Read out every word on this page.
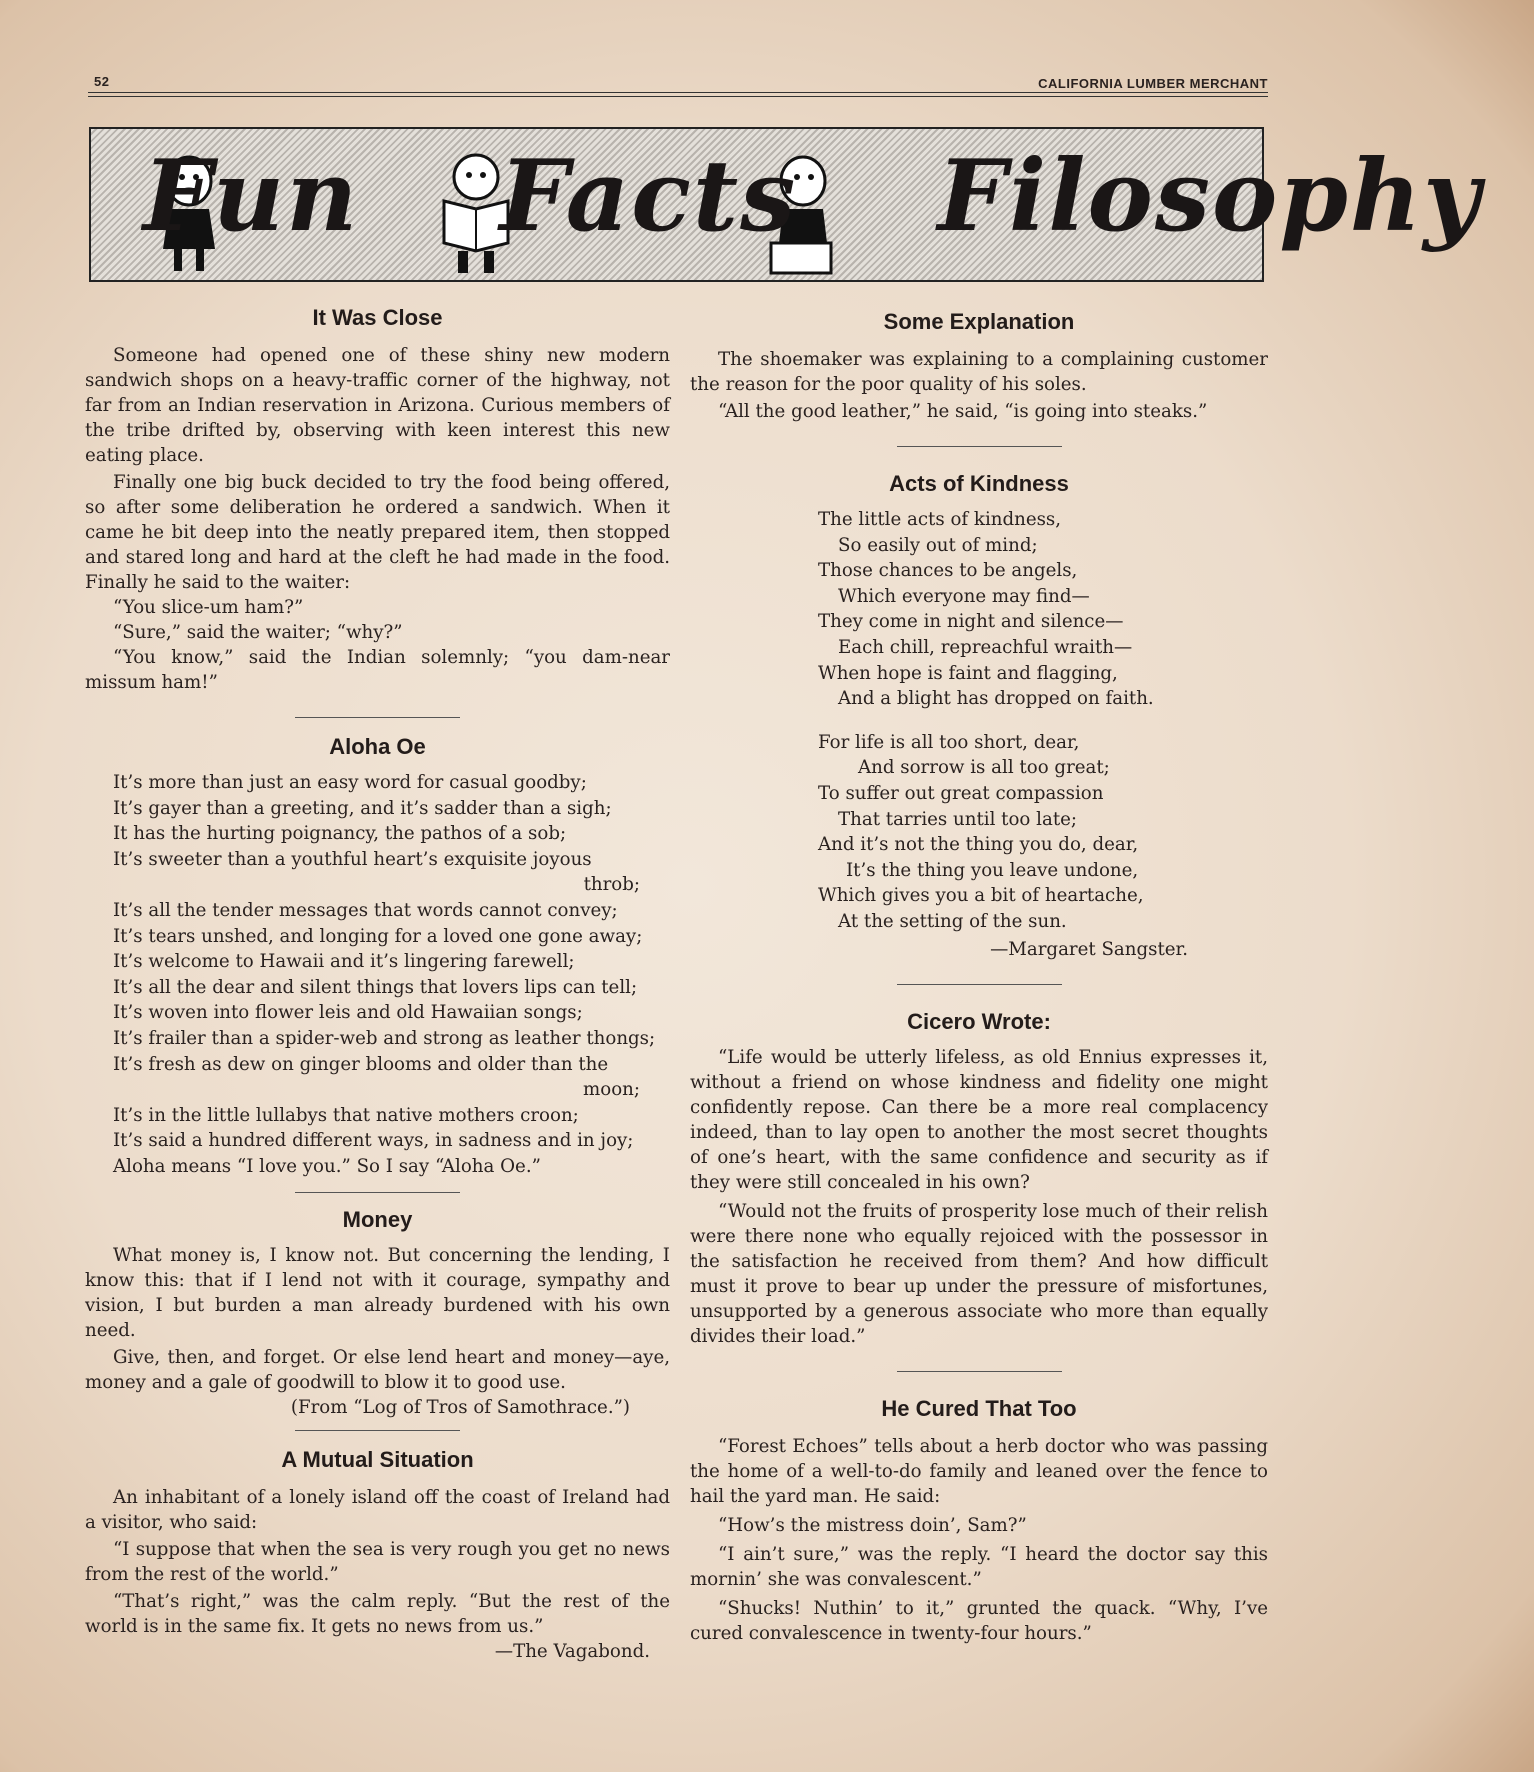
52	CALIFORNIA LUMBER MERCHANT
Fun Facts Filosophy
It Was Close

Someone had opened one of these shiny new modern sandwich shops on a heavy-traffic corner of the highway, not far from an Indian reservation in Arizona. Curious members of the tribe drifted by, observing with keen interest this new eating place.

Finally one big buck decided to try the food being offered, so after some deliberation he ordered a sandwich. When it came he bit deep into the neatly prepared item, then stopped and stared long and hard at the cleft he had made in the food. Finally he said to the waiter:

“You slice-um ham?”

“Sure,” said the waiter; “why?”

“You know,” said the Indian solemnly; “you dam-near missum ham!”

Aloha Oe
It’s more than just an easy word for casual goodby;
It’s gayer than a greeting, and it’s sadder than a sigh;
It has the hurting poignancy, the pathos of a sob;
It’s sweeter than a youthful heart’s exquisite joyous
throb;
It’s all the tender messages that words cannot convey;
It’s tears unshed, and longing for a loved one gone away;
It’s welcome to Hawaii and it’s lingering farewell;
It’s all the dear and silent things that lovers lips can tell;
It’s woven into flower leis and old Hawaiian songs;
It’s frailer than a spider-web and strong as leather thongs;
It’s fresh as dew on ginger blooms and older than the
moon;
It’s in the little lullabys that native mothers croon;
It’s said a hundred different ways, in sadness and in joy;
Aloha means “I love you.” So I say “Aloha Oe.”
Money

What money is, I know not. But concerning the lending, I know this: that if I lend not with it courage, sympathy and vision, I but burden a man already burdened with his own need.

Give, then, and forget. Or else lend heart and money—aye, money and a gale of goodwill to blow it to good use.

(From “Log of Tros of Samothrace.”)

A Mutual Situation

An inhabitant of a lonely island off the coast of Ireland had a visitor, who said:

“I suppose that when the sea is very rough you get no news from the rest of the world.”

“That’s right,” was the calm reply. “But the rest of the world is in the same fix. It gets no news from us.”

—The Vagabond.

Some Explanation

The shoemaker was explaining to a complaining customer the reason for the poor quality of his soles.

“All the good leather,” he said, “is going into steaks.”

Acts of Kindness
The little acts of kindness,
So easily out of mind;
Those chances to be angels,
Which everyone may find—
They come in night and silence—
Each chill, repreachful wraith—
When hope is faint and flagging,
And a blight has dropped on faith.
For life is all too short, dear,
And sorrow is all too great;
To suffer out great compassion
That tarries until too late;
And it’s not the thing you do, dear,
It’s the thing you leave undone,
Which gives you a bit of heartache,
At the setting of the sun.

—Margaret Sangster.

Cicero Wrote:

“Life would be utterly lifeless, as old Ennius expresses it, without a friend on whose kindness and fidelity one might confidently repose. Can there be a more real complacency indeed, than to lay open to another the most secret thoughts of one’s heart, with the same confidence and security as if they were still concealed in his own?

“Would not the fruits of prosperity lose much of their relish were there none who equally rejoiced with the possessor in the satisfaction he received from them? And how difficult must it prove to bear up under the pressure of misfortunes, unsupported by a generous associate who more than equally divides their load.”

He Cured That Too

“Forest Echoes” tells about a herb doctor who was passing the home of a well-to-do family and leaned over the fence to hail the yard man. He said:

“How’s the mistress doin’, Sam?”

“I ain’t sure,” was the reply. “I heard the doctor say this mornin’ she was convalescent.”

“Shucks! Nuthin’ to it,” grunted the quack. “Why, I’ve cured convalescence in twenty-four hours.”
